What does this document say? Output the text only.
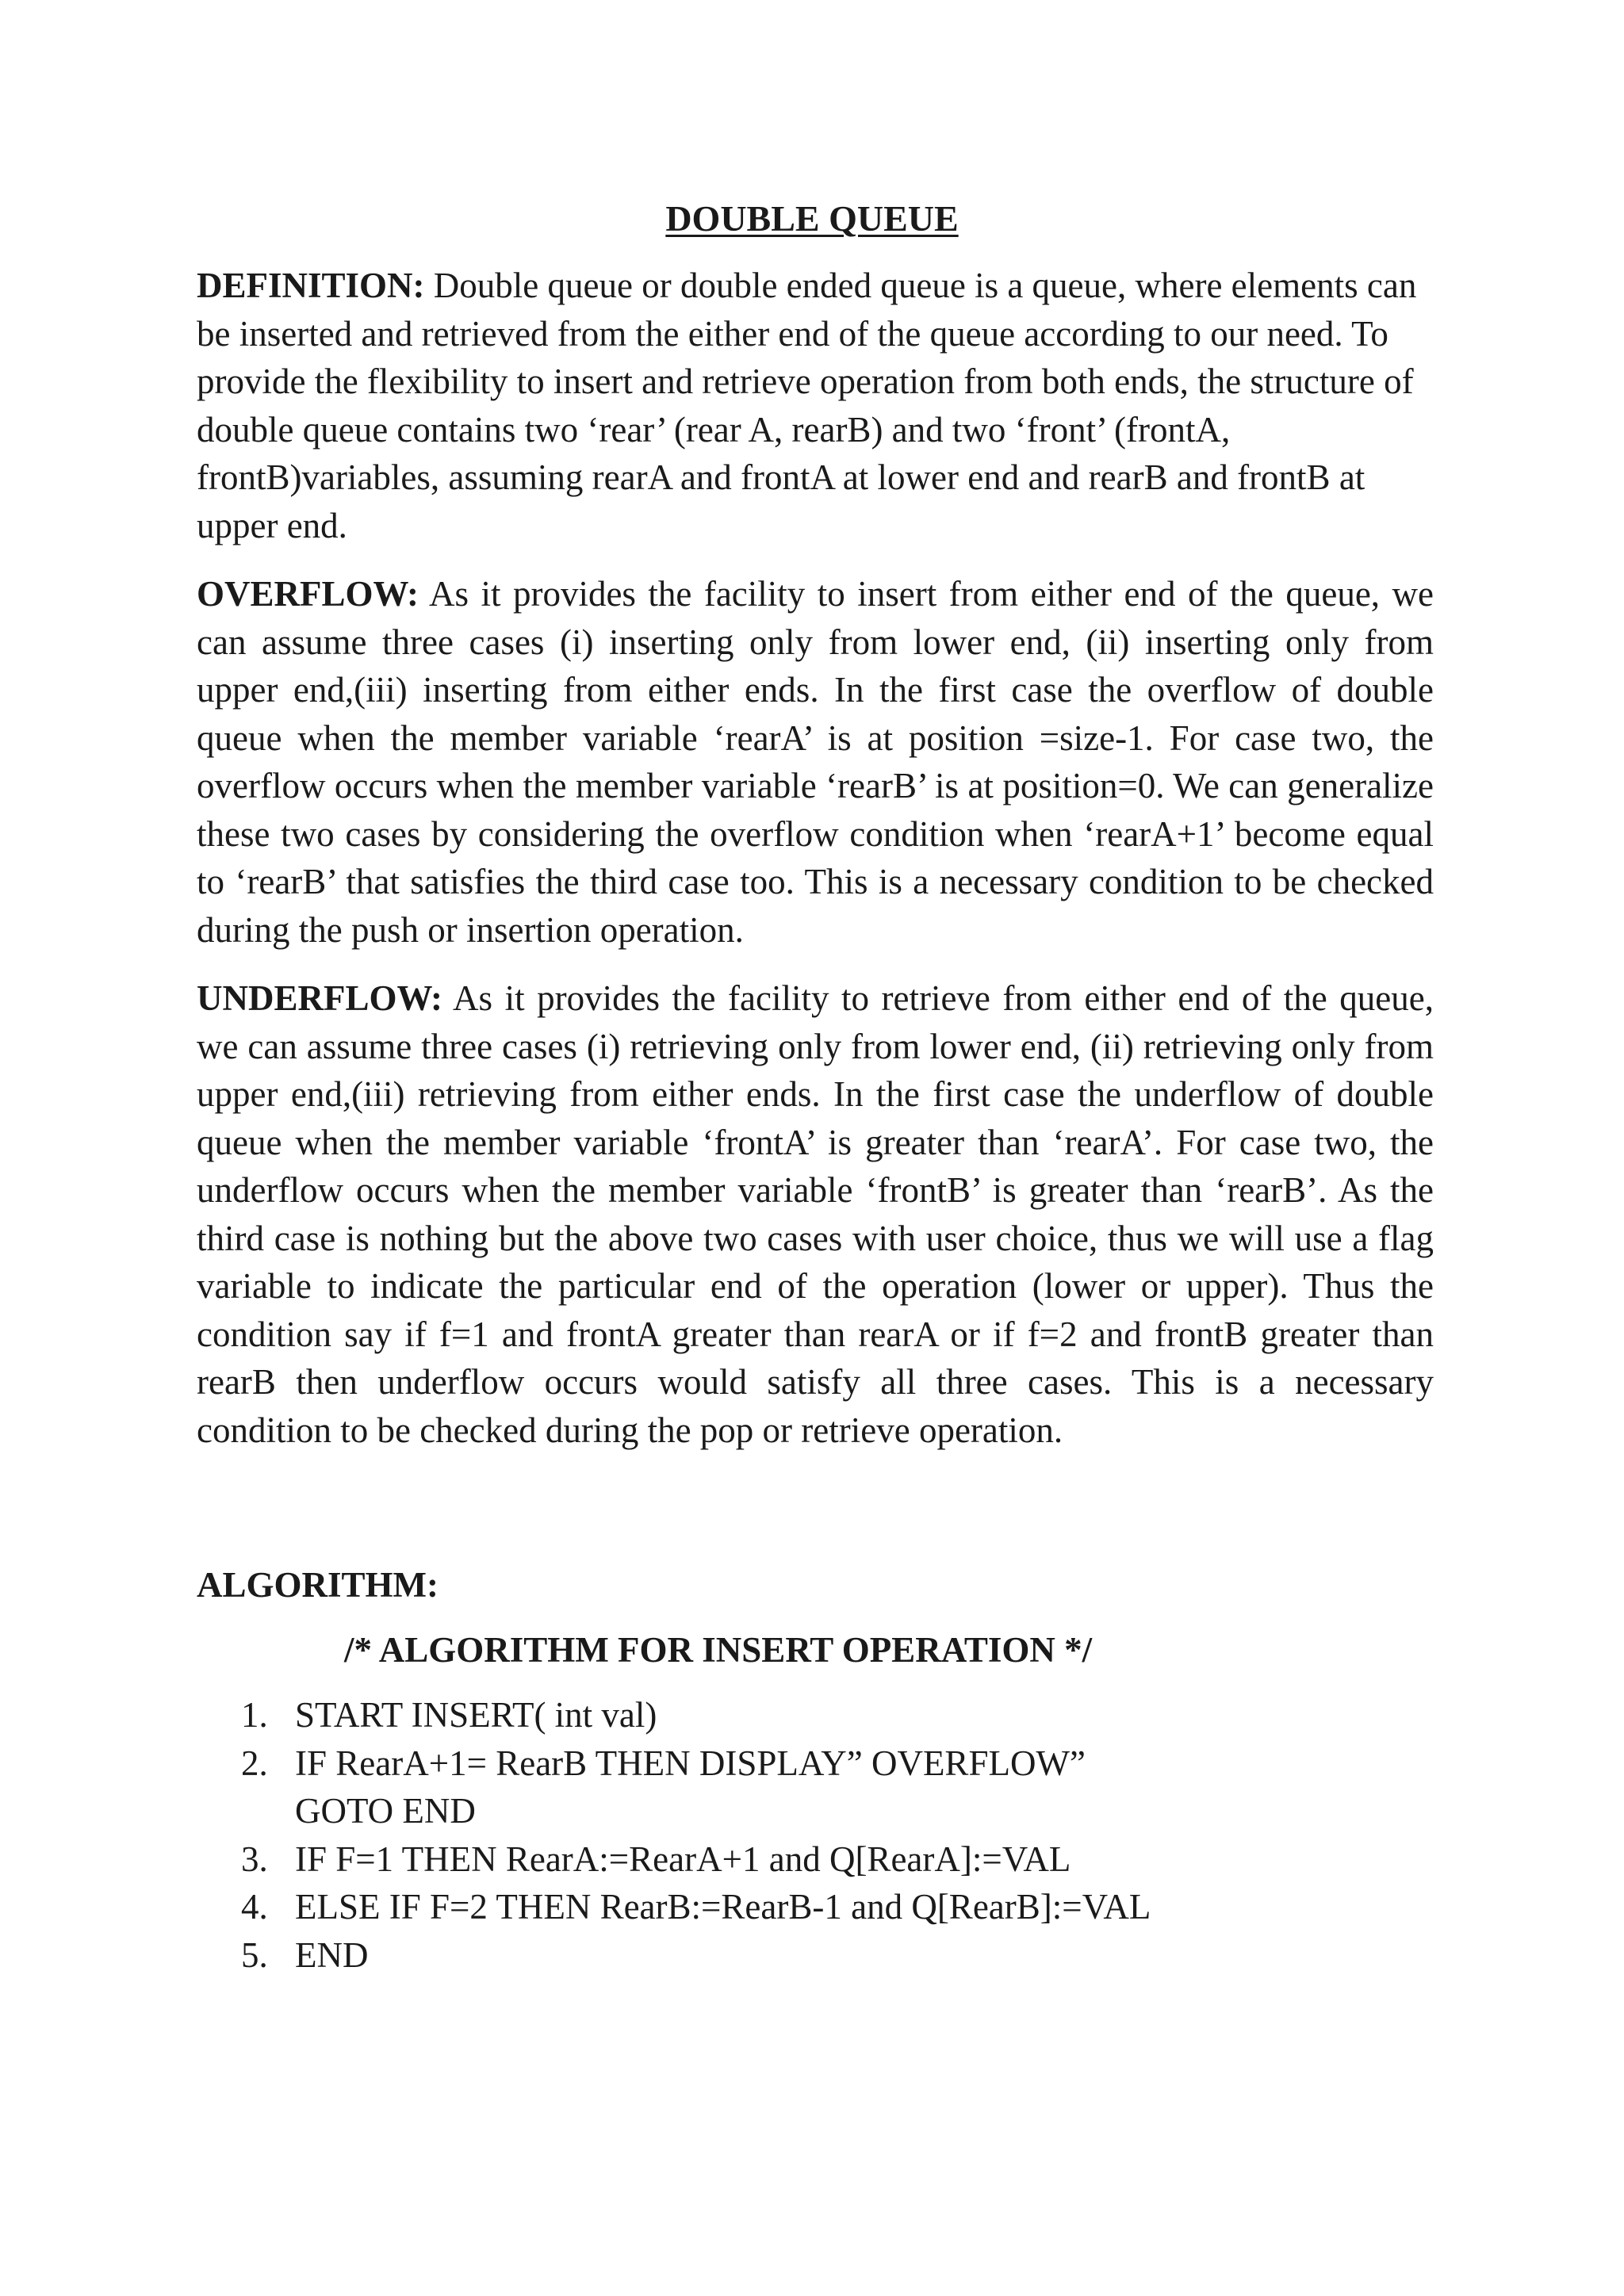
DOUBLE QUEUE

DEFINITION: Double queue or double ended queue is a queue, where elements can be inserted and retrieved from the either end of the queue according to our need. To provide the flexibility to insert and retrieve operation from both ends, the structure of double queue contains two ‘rear’ (rear A, rearB) and two ‘front’ (frontA, frontB)variables, assuming rearA and frontA at lower end and rearB and frontB at upper end.

OVERFLOW: As it provides the facility to insert from either end of the queue, we can assume three cases (i) inserting only from lower end, (ii) inserting only from upper end,(iii) inserting from either ends. In the first case the overflow of double queue when the member variable ‘rearA’ is at position =size-1. For case two, the overflow occurs when the member variable ‘rearB’ is at position=0. We can generalize these two cases by considering the overflow condition when ‘rearA+1’ become equal to ‘rearB’ that satisfies the third case too. This is a necessary condition to be checked during the push or insertion operation.

UNDERFLOW: As it provides the facility to retrieve from either end of the queue, we can assume three cases (i) retrieving only from lower end, (ii) retrieving only from upper end,(iii) retrieving from either ends. In the first case the underflow of double queue when the member variable ‘frontA’ is greater than ‘rearA’. For case two, the underflow occurs when the member variable ‘frontB’ is greater than ‘rearB’. As the third case is nothing but the above two cases with user choice, thus we will use a flag variable to indicate the particular end of the operation (lower or upper). Thus the condition say if f=1 and frontA greater than rearA or if f=2 and frontB greater than rearB then underflow occurs would satisfy all three cases. This is a necessary condition to be checked during the pop or retrieve operation.

ALGORITHM:
/* ALGORITHM FOR INSERT OPERATION */
1. START INSERT( int val)
2. IF RearA+1= RearB THEN DISPLAY” OVERFLOW”
GOTO END
3. IF F=1 THEN RearA:=RearA+1 and Q[RearA]:=VAL
4. ELSE IF F=2 THEN RearB:=RearB-1 and Q[RearB]:=VAL
5. END
